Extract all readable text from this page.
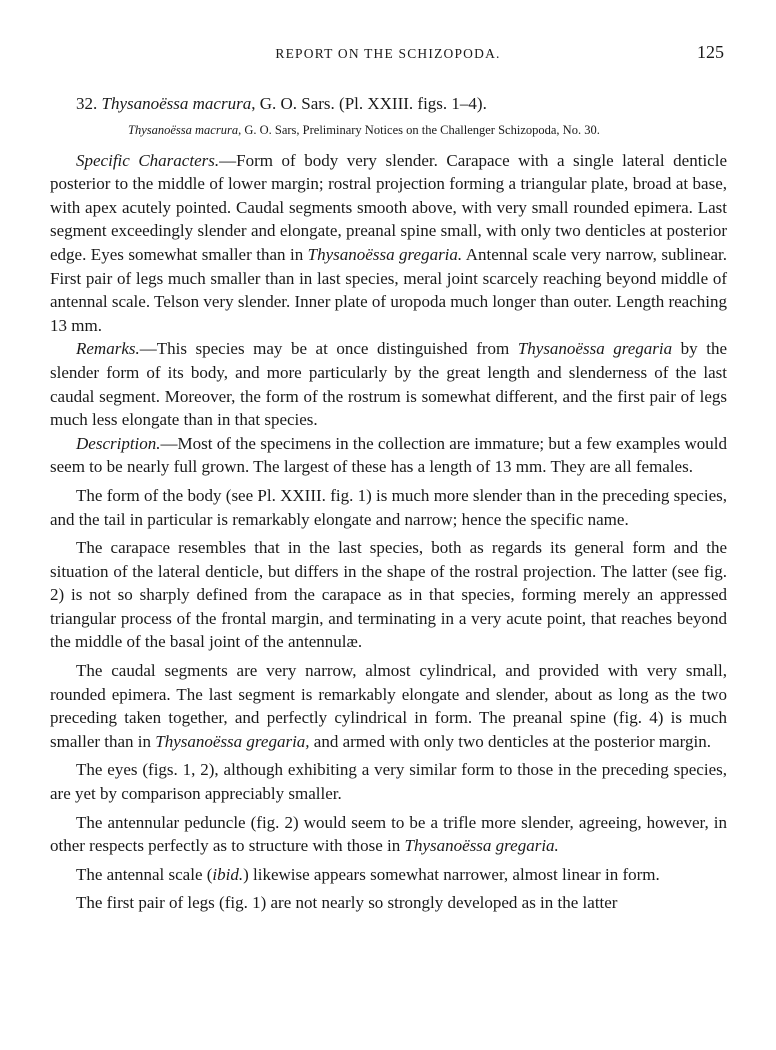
REPORT ON THE SCHIZOPODA.	125

32. Thysanoëssa macrura, G. O. Sars. (Pl. XXIII. figs. 1–4).

Thysanoëssa macrura, G. O. Sars, Preliminary Notices on the Challenger Schizopoda, No. 30.

Specific Characters.—Form of body very slender. Carapace with a single lateral denticle posterior to the middle of lower margin; rostral projection forming a triangular plate, broad at base, with apex acutely pointed. Caudal segments smooth above, with very small rounded epimera. Last segment exceedingly slender and elongate, preanal spine small, with only two denticles at posterior edge. Eyes somewhat smaller than in Thysanoëssa gregaria. Antennal scale very narrow, sublinear. First pair of legs much smaller than in last species, meral joint scarcely reaching beyond middle of antennal scale. Telson very slender. Inner plate of uropoda much longer than outer. Length reaching 13 mm.

Remarks.—This species may be at once distinguished from Thysanoëssa gregaria by the slender form of its body, and more particularly by the great length and slenderness of the last caudal segment. Moreover, the form of the rostrum is somewhat different, and the first pair of legs much less elongate than in that species.

Description.—Most of the specimens in the collection are immature; but a few examples would seem to be nearly full grown. The largest of these has a length of 13 mm. They are all females.

The form of the body (see Pl. XXIII. fig. 1) is much more slender than in the preceding species, and the tail in particular is remarkably elongate and narrow; hence the specific name.

The carapace resembles that in the last species, both as regards its general form and the situation of the lateral denticle, but differs in the shape of the rostral projection. The latter (see fig. 2) is not so sharply defined from the carapace as in that species, forming merely an appressed triangular process of the frontal margin, and terminating in a very acute point, that reaches beyond the middle of the basal joint of the antennulæ.

The caudal segments are very narrow, almost cylindrical, and provided with very small, rounded epimera. The last segment is remarkably elongate and slender, about as long as the two preceding taken together, and perfectly cylindrical in form. The preanal spine (fig. 4) is much smaller than in Thysanoëssa gregaria, and armed with only two denticles at the posterior margin.

The eyes (figs. 1, 2), although exhibiting a very similar form to those in the preceding species, are yet by comparison appreciably smaller.

The antennular peduncle (fig. 2) would seem to be a trifle more slender, agreeing, however, in other respects perfectly as to structure with those in Thysanoëssa gregaria.

The antennal scale (ibid.) likewise appears somewhat narrower, almost linear in form.

The first pair of legs (fig. 1) are not nearly so strongly developed as in the latter
